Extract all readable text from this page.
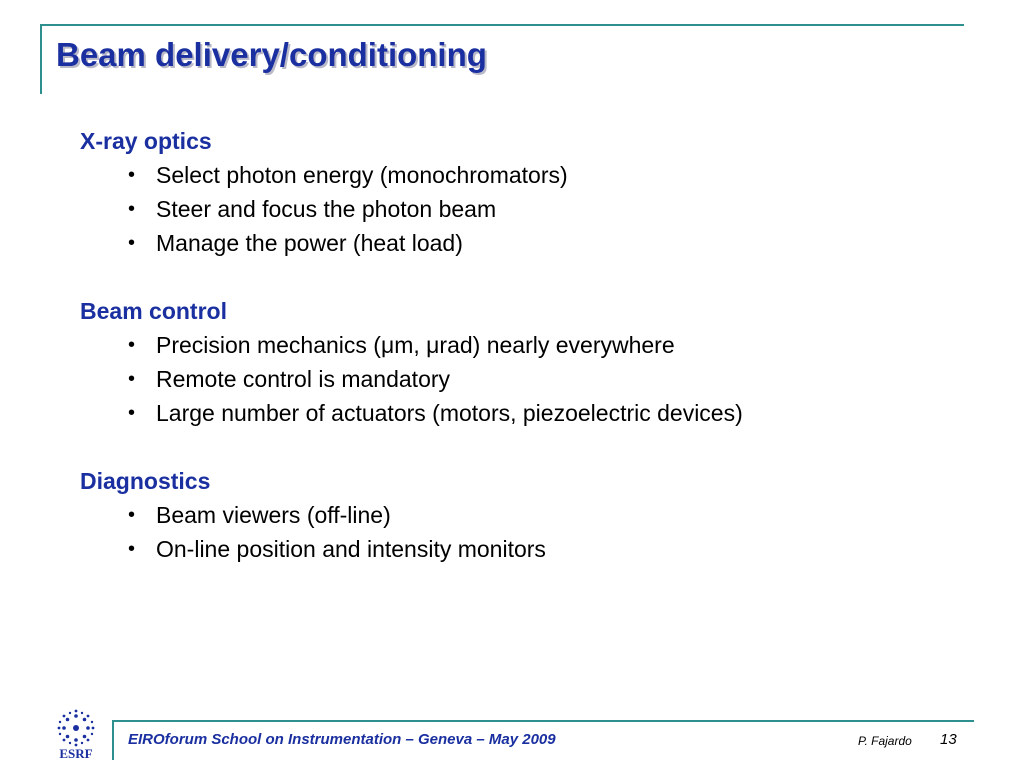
Beam delivery/conditioning
X-ray optics
• Select photon energy (monochromators)
• Steer and focus the photon beam
• Manage the power (heat load)
Beam control
• Precision mechanics (μm, μrad) nearly everywhere
• Remote control is mandatory
• Large number of actuators (motors, piezoelectric devices)
Diagnostics
• Beam viewers (off-line)
• On-line position and intensity monitors
ESRF
EIROforum School on Instrumentation – Geneva – May 2009	P. Fajardo 13
